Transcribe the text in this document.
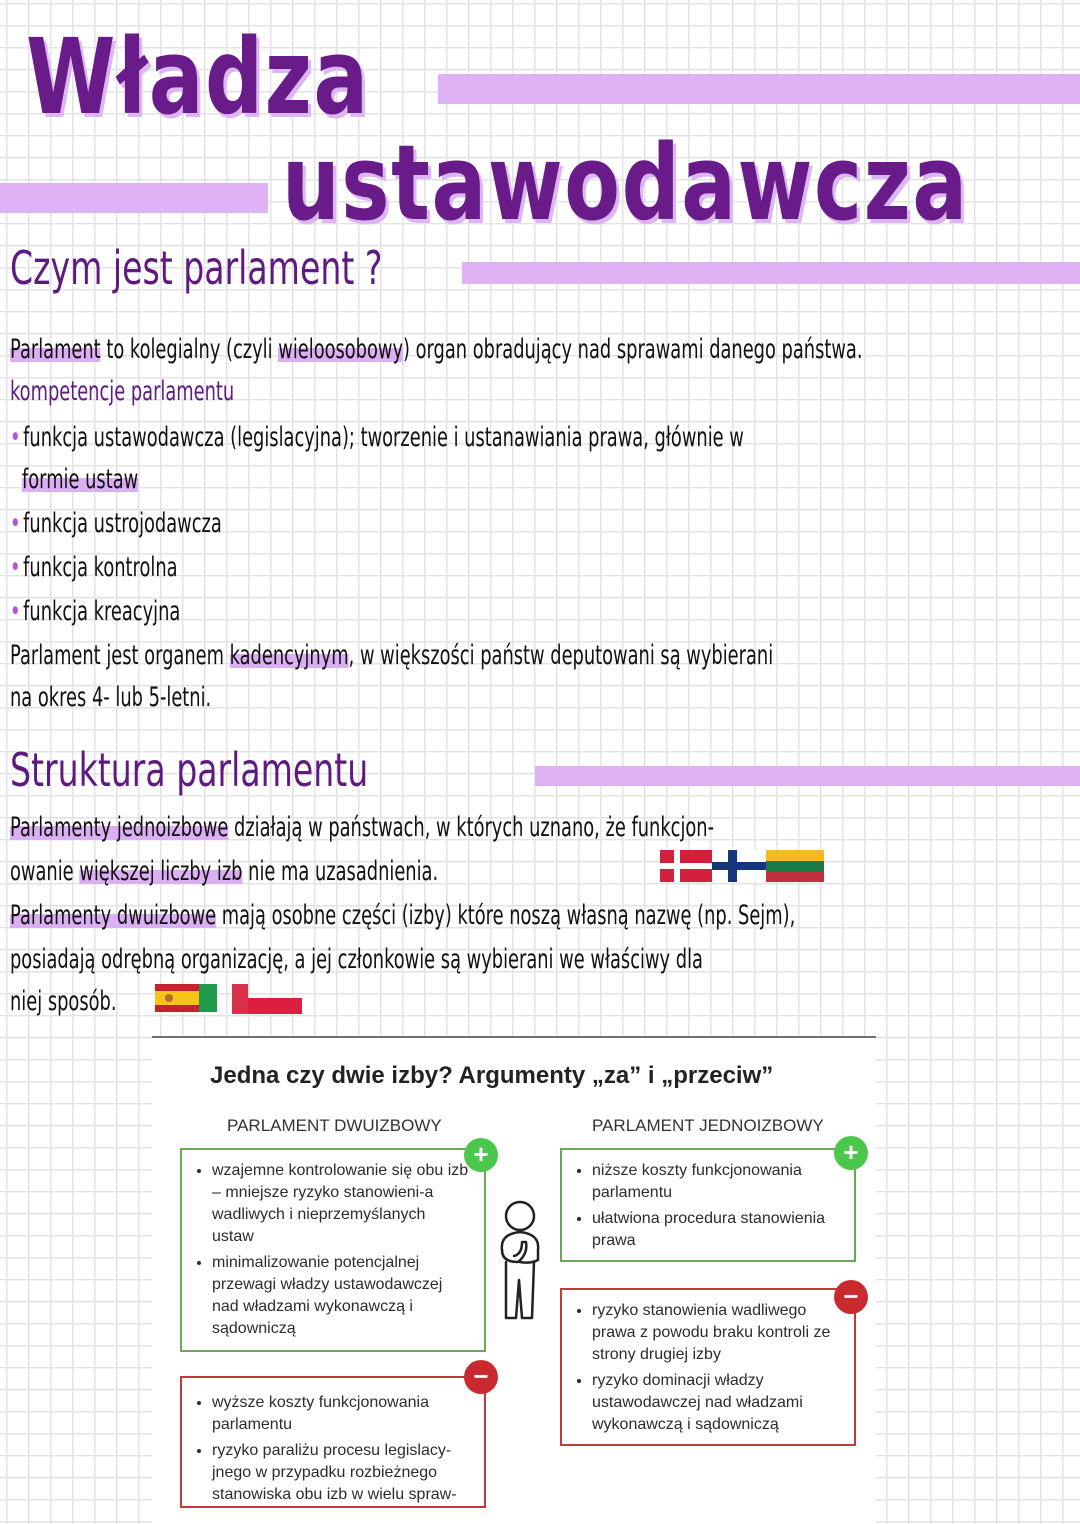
Władza
ustawodawcza
Czym jest parlament ?
Parlament to kolegialny (czyli wieloosobowy) organ obradujący nad sprawami danego państwa.
kompetencje parlamentu
•funkcja ustawodawcza (legislacyjna); tworzenie i ustanawiania prawa, głównie w
formie ustaw
•funkcja ustrojodawcza
•funkcja kontrolna
•funkcja kreacyjna
Parlament jest organem kadencyjnym, w większości państw deputowani są wybierani
na okres 4- lub 5-letni.
Struktura parlamentu
Parlamenty jednoizbowe działają w państwach, w których uznano, że funkcjon-
owanie większej liczby izb nie ma uzasadnienia.
Parlamenty dwuizbowe mają osobne części (izby) które noszą własną nazwę (np. Sejm),
posiadają odrębną organizację, a jej członkowie są wybierani we właściwy dla
niej sposób.
Jedna czy dwie izby? Argumenty „za” i „przeciw”
PARLAMENT DWUIZBOWY	PARLAMENT JEDNOIZBOWY
• wzajemne kontrolowanie się obu izb – mniejsze ryzyko stanowieni-a wadliwych i nieprzemyślanych ustaw
• minimalizowanie potencjalnej przewagi władzy ustawodawczej nad władzami wykonawczą i sądowniczą
+
• wyższe koszty funkcjonowania parlamentu
• ryzyko paraliżu procesu legislacy-jnego w przypadku rozbieżnego stanowiska obu izb w wielu spraw-
−
• niższe koszty funkcjonowania parlamentu
• ułatwiona procedura stanowienia prawa
+
• ryzyko stanowienia wadliwego prawa z powodu braku kontroli ze strony drugiej izby
• ryzyko dominacji władzy ustawodawczej nad władzami wykonawczą i sądowniczą
−
